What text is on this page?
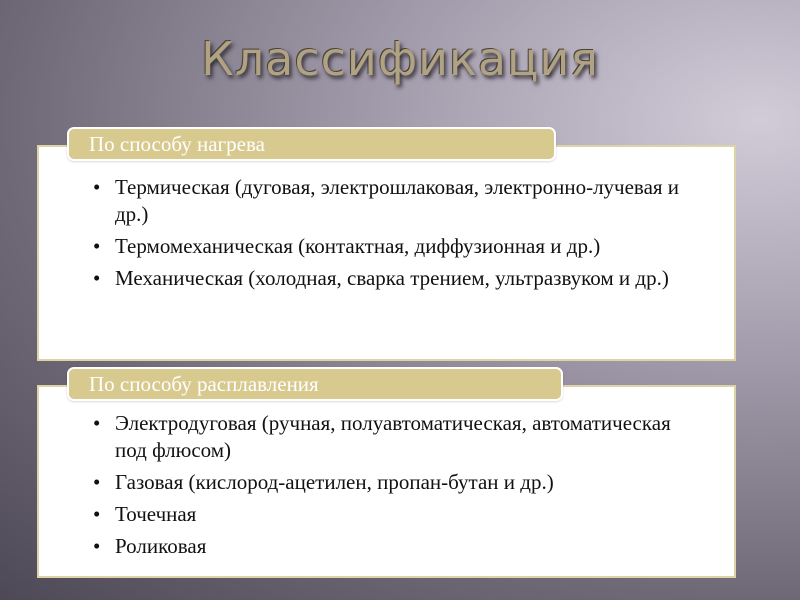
Классификация
• Термическая (дуговая, электрошлаковая, электронно-лучевая и др.)
• Термомеханическая (контактная, диффузионная и др.)
• Механическая (холодная, сварка трением, ультразвуком и др.)
По способу нагрева
• Электродуговая (ручная, полуавтоматическая, автоматическая под флюсом)
• Газовая (кислород-ацетилен, пропан-бутан и др.)
• Точечная
• Роликовая
По способу расплавления
